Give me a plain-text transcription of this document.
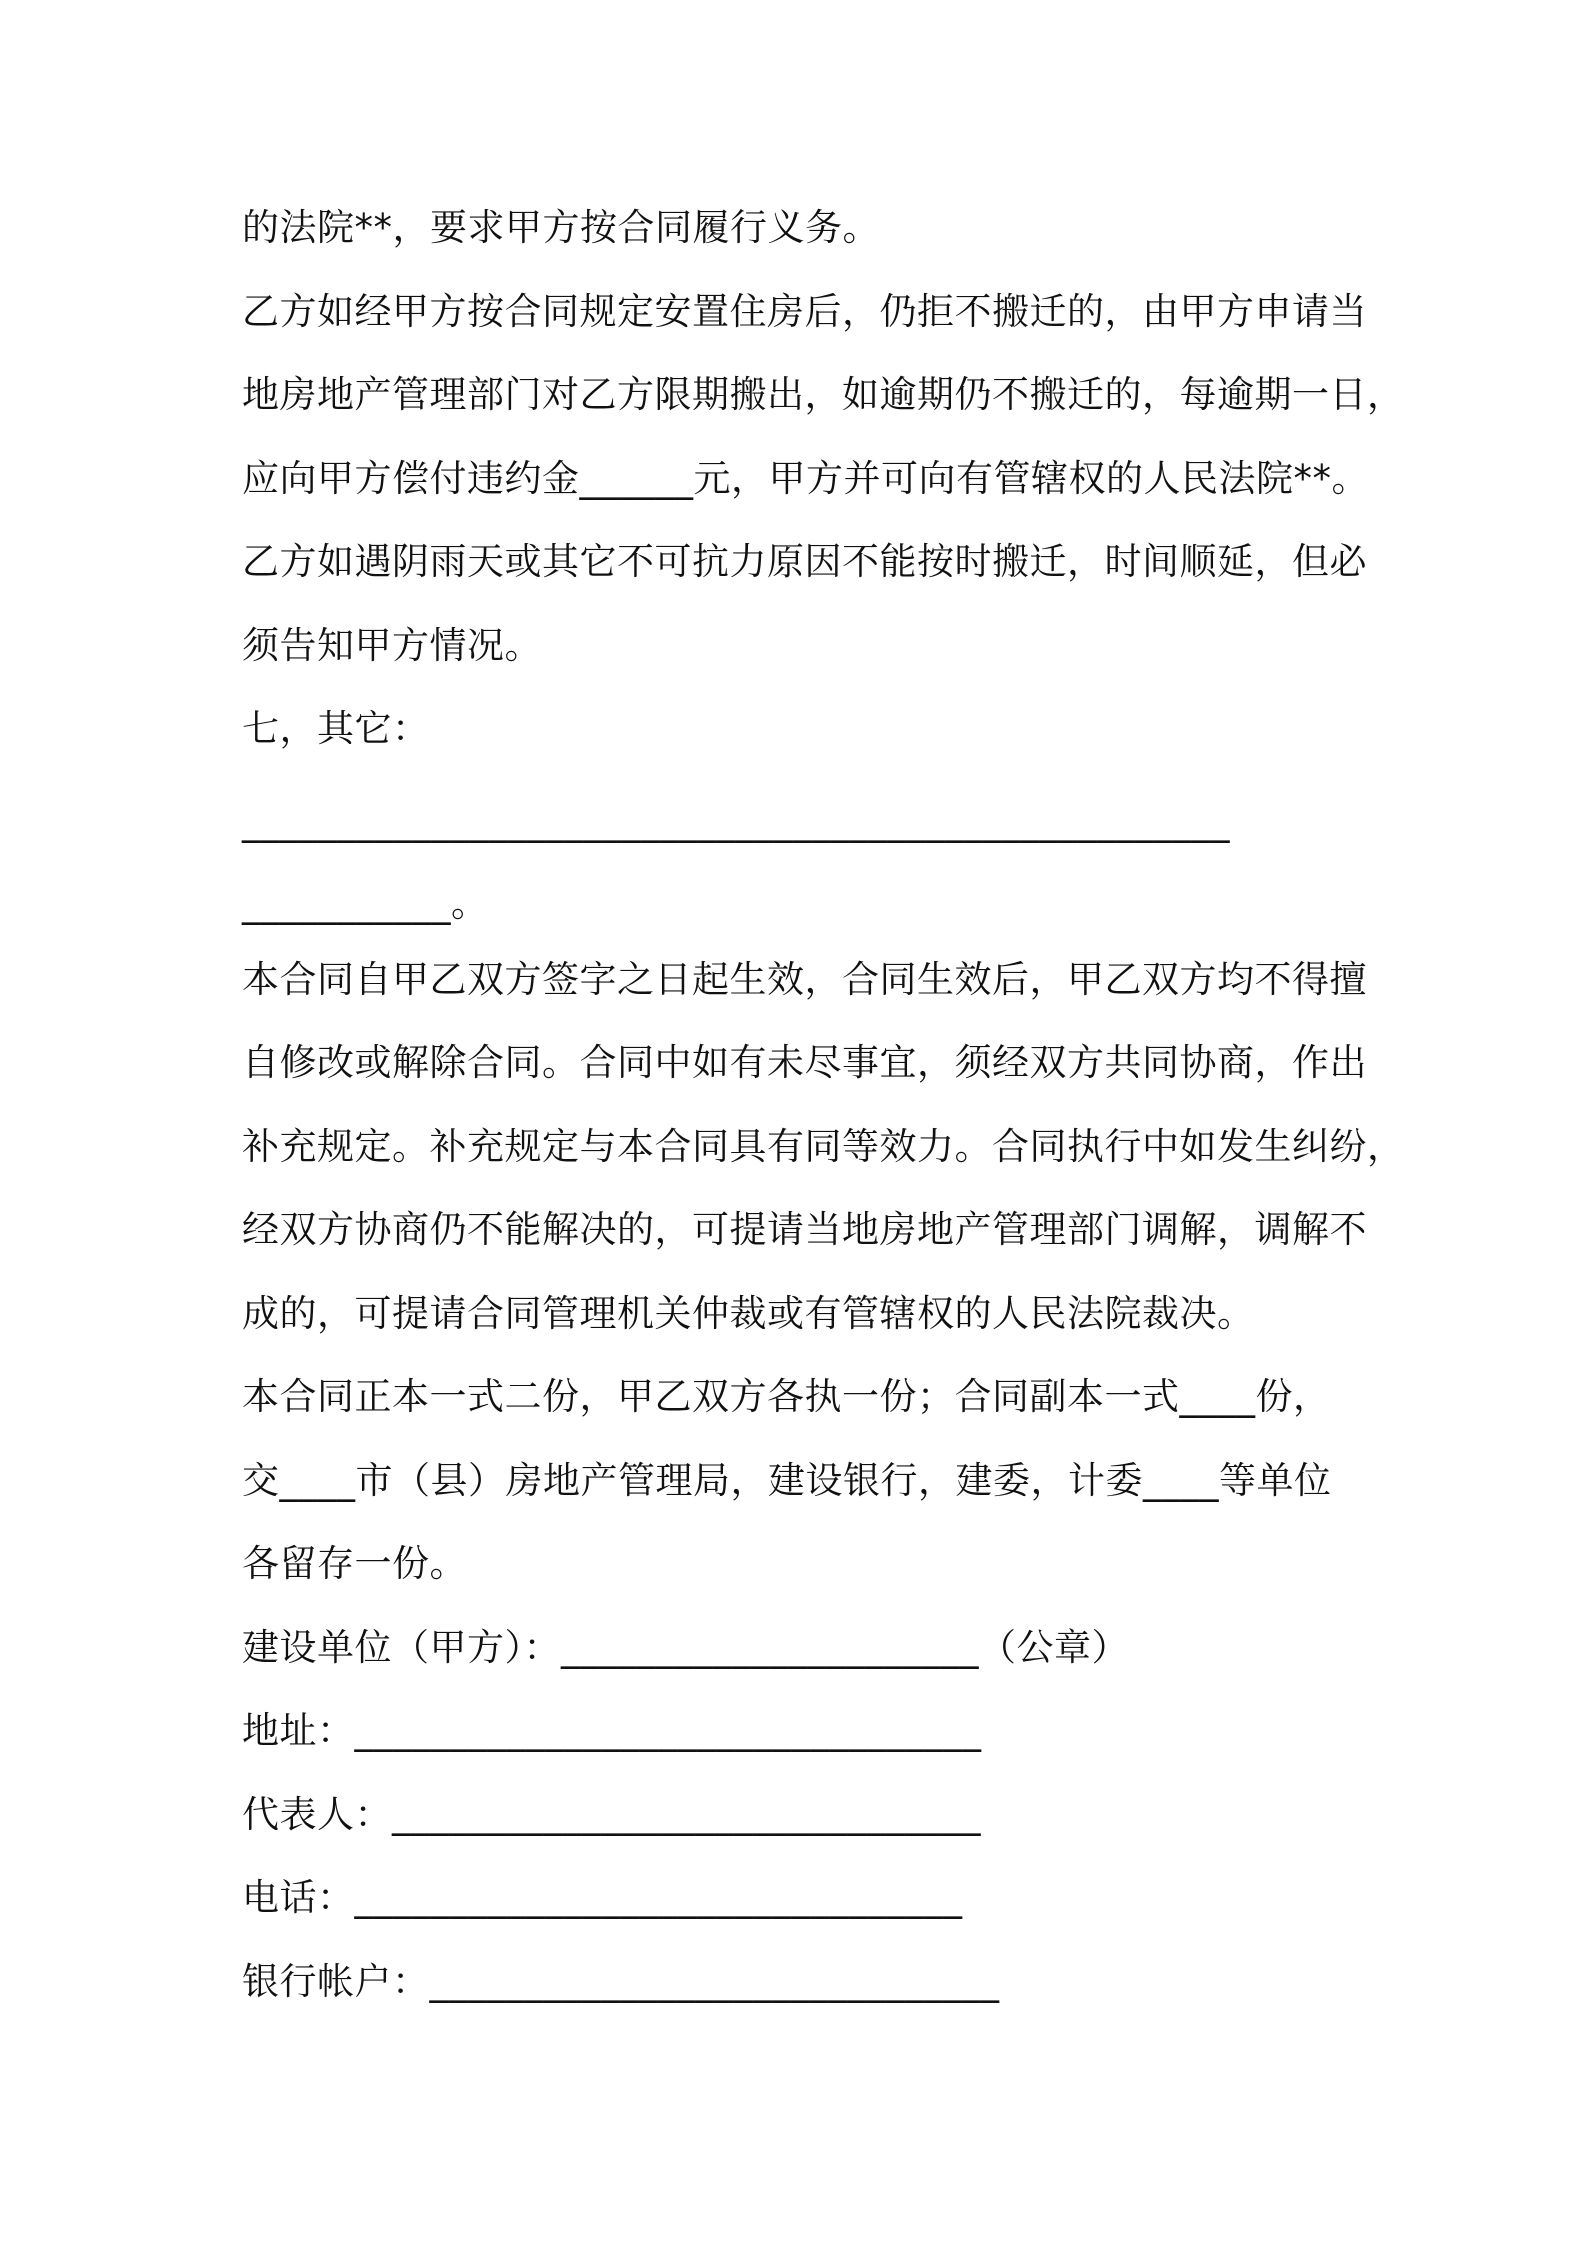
的法院**，要求甲方按合同履行义务。
乙方如经甲方按合同规定安置住房后，仍拒不搬迁的，由甲方申请当
地房地产管理部门对乙方限期搬出，如逾期仍不搬迁的，每逾期一日，
应向甲方偿付违约金______元，甲方并可向有管辖权的人民法院**。
乙方如遇阴雨天或其它不可抗力原因不能按时搬迁，时间顺延，但必
须告知甲方情况。
七，其它：
____________________________________________________
___________。
本合同自甲乙双方签字之日起生效，合同生效后，甲乙双方均不得擅
自修改或解除合同。合同中如有未尽事宜，须经双方共同协商，作出
补充规定。补充规定与本合同具有同等效力。合同执行中如发生纠纷，
经双方协商仍不能解决的，可提请当地房地产管理部门调解，调解不
成的，可提请合同管理机关仲裁或有管辖权的人民法院裁决。
本合同正本一式二份，甲乙双方各执一份；合同副本一式____份，
交____市（县）房地产管理局，建设银行，建委，计委____等单位
各留存一份。
建设单位（甲方）：______________________（公章）
地址：_________________________________
代表人：_______________________________
电话：________________________________
银行帐户：______________________________
